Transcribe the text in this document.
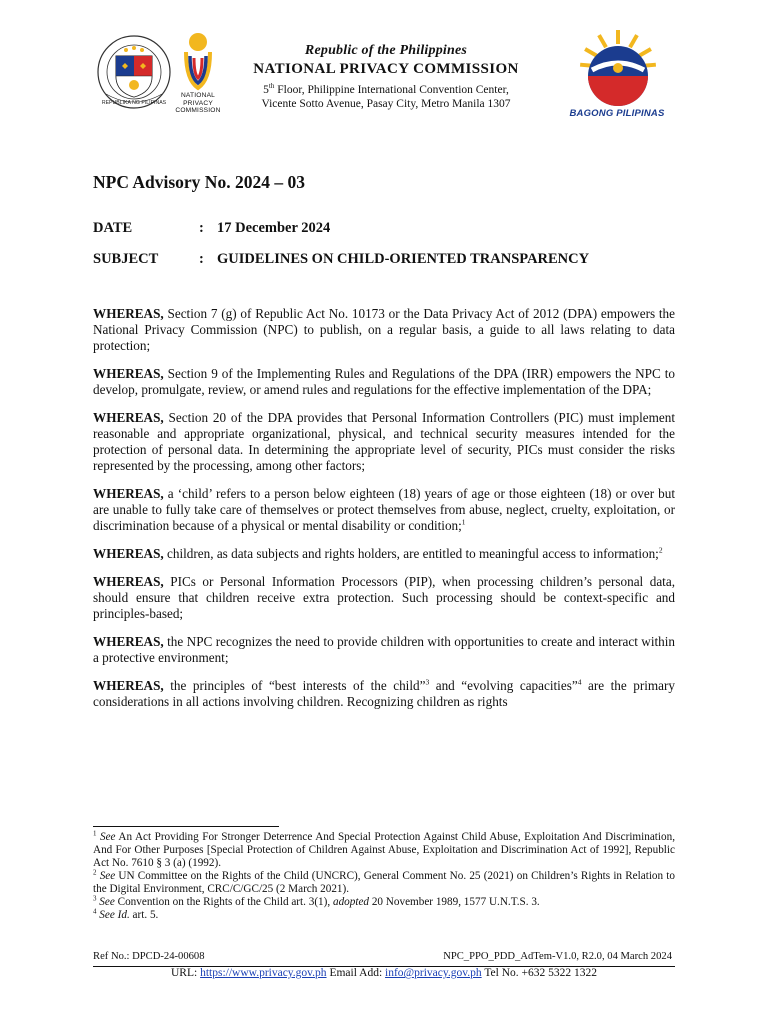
REPUBLIKA NG PILIPINAS
NATIONAL
PRIVACY
COMMISSION
Republic of the Philippines
NATIONAL PRIVACY COMMISSION
5th Floor, Philippine International Convention Center,
Vicente Sotto Avenue, Pasay City, Metro Manila 1307
BAGONG PILIPINAS
NPC Advisory No. 2024 – 03
DATE	: 17 December 2024
SUBJECT	: GUIDELINES ON CHILD-ORIENTED TRANSPARENCY

WHEREAS, Section 7 (g) of Republic Act No. 10173 or the Data Privacy Act of 2012 (DPA) empowers the National Privacy Commission (NPC) to publish, on a regular basis, a guide to all laws relating to data protection;

WHEREAS, Section 9 of the Implementing Rules and Regulations of the DPA (IRR) empowers the NPC to develop, promulgate, review, or amend rules and regulations for the effective implementation of the DPA;

WHEREAS, Section 20 of the DPA provides that Personal Information Controllers (PIC) must implement reasonable and appropriate organizational, physical, and technical security measures intended for the protection of personal data. In determining the appropriate level of security, PICs must consider the risks represented by the processing, among other factors;

WHEREAS, a ‘child’ refers to a person below eighteen (18) years of age or those eighteen (18) or over but are unable to fully take care of themselves or protect themselves from abuse, neglect, cruelty, exploitation, or discrimination because of a physical or mental disability or condition;$^1$

WHEREAS, children, as data subjects and rights holders, are entitled to meaningful access to information;$^2$

WHEREAS, PICs or Personal Information Processors (PIP), when processing children’s personal data, should ensure that children receive extra protection. Such processing should be context-specific and principles-based;

WHEREAS, the NPC recognizes the need to provide children with opportunities to create and interact within a protective environment;

WHEREAS, the principles of “best interests of the child”$^3$ and “evolving capacities”$^4$ are the primary considerations in all actions involving children. Recognizing children as rights

$^1$ See An Act Providing For Stronger Deterrence And Special Protection Against Child Abuse, Exploitation And Discrimination, And For Other Purposes [Special Protection of Children Against Abuse, Exploitation and Discrimination Act of 1992], Republic Act No. 7610 § 3 (a) (1992).

$^2$ See UN Committee on the Rights of the Child (UNCRC), General Comment No. 25 (2021) on Children’s Rights in Relation to the Digital Environment, CRC/C/GC/25 (2 March 2021).

$^3$ See Convention on the Rights of the Child art. 3(1), adopted 20 November 1989, 1577 U.N.T.S. 3.

$^4$ See Id. art. 5.

Ref No.: DPCD-24-00608	NPC_PPO_PDD_AdTem-V1.0, R2.0, 04 March 2024
URL: https://www.privacy.gov.ph Email Add: info@privacy.gov.ph Tel No. +632 5322 1322
